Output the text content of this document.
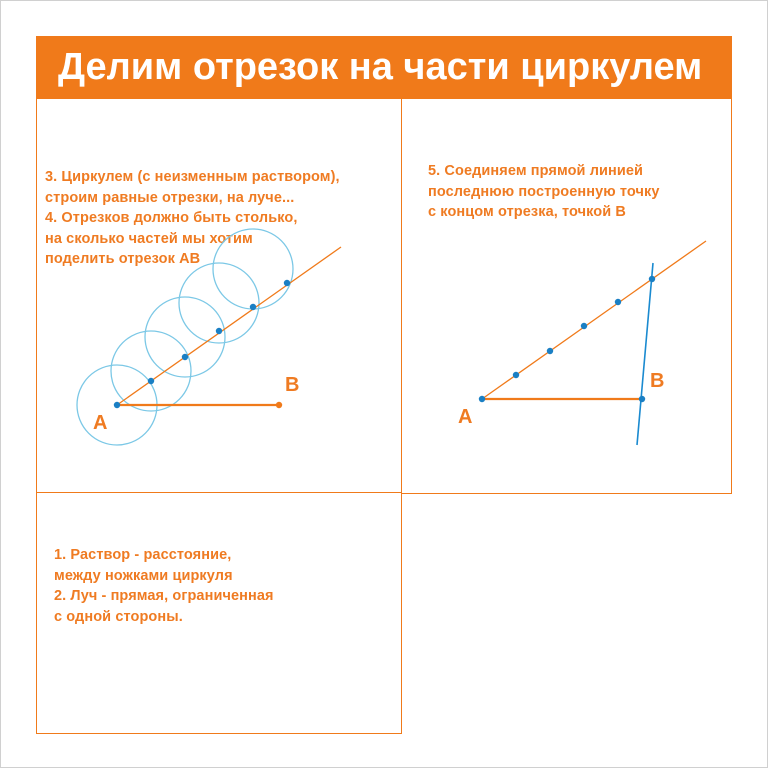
Делим отрезок на части циркулем
3. Циркулем (с неизменным раствором),
строим равные отрезки, на луче...
4. Отрезков должно быть столько,
на сколько частей мы хотим
поделить отрезок AB
A
B
5. Соединяем прямой линией
последнюю построенную точку
с концом отрезка, точкой B
A
B
1. Раствор - расстояние,
между ножками циркуля
2. Луч - прямая, ограниченная
с одной стороны.
